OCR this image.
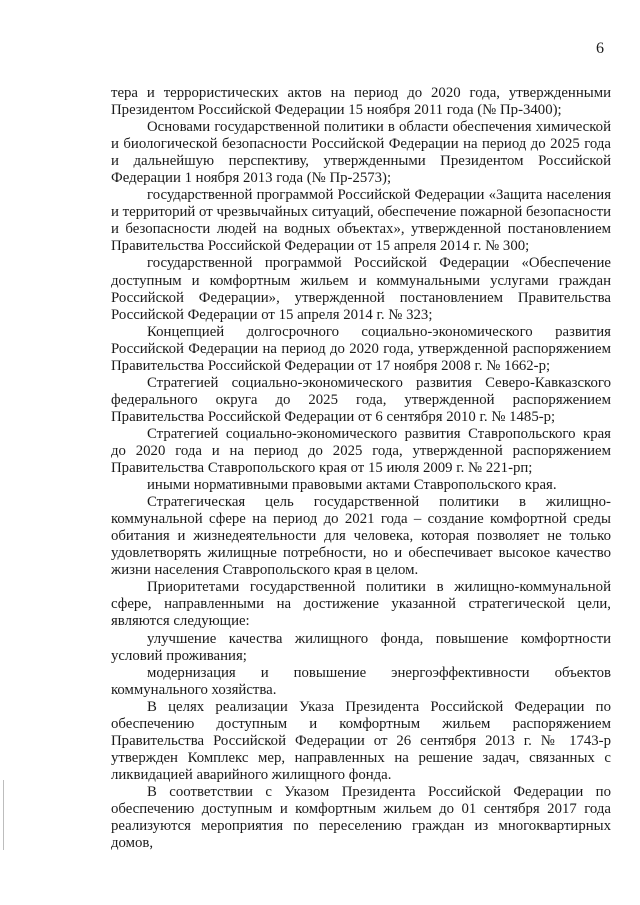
6

тера и террористических актов на период до 2020 года, утвержденными Президентом Российской Федерации 15 ноября 2011 года (№ Пр-3400);

Основами государственной политики в области обеспечения химической и биологической безопасности Российской Федерации на период до 2025 года и дальнейшую перспективу, утвержденными Президентом Российской Федерации 1 ноября 2013 года (№ Пр-2573);

государственной программой Российской Федерации «Защита населения и территорий от чрезвычайных ситуаций, обеспечение пожарной безопасности и безопасности людей на водных объектах», утвержденной постановлением Правительства Российской Федерации от 15 апреля 2014 г. № 300;

государственной программой Российской Федерации «Обеспечение доступным и комфортным жильем и коммунальными услугами граждан Российской Федерации», утвержденной постановлением Правительства Российской Федерации от 15 апреля 2014 г. № 323;

Концепцией долгосрочного социально-экономического развития Российской Федерации на период до 2020 года, утвержденной распоряжением Правительства Российской Федерации от 17 ноября 2008 г. № 1662-р;

Стратегией социально-экономического развития Северо-Кавказского федерального округа до 2025 года, утвержденной распоряжением Правительства Российской Федерации от 6 сентября 2010 г. № 1485-р;

Стратегией социально-экономического развития Ставропольского края до 2020 года и на период до 2025 года, утвержденной распоряжением Правительства Ставропольского края от 15 июля 2009 г. № 221-рп;

иными нормативными правовыми актами Ставропольского края.

Стратегическая цель государственной политики в жилищно-коммунальной сфере на период до 2021 года – создание комфортной среды обитания и жизнедеятельности для человека, которая позволяет не только удовлетворять жилищные потребности, но и обеспечивает высокое качество жизни населения Ставропольского края в целом.

Приоритетами государственной политики в жилищно-коммунальной сфере, направленными на достижение указанной стратегической цели, являются следующие:

улучшение качества жилищного фонда, повышение комфортности условий проживания;

модернизация и повышение энергоэффективности объектов коммунального хозяйства.

В целях реализации Указа Президента Российской Федерации по обеспечению доступным и комфортным жильем распоряжением Правительства Российской Федерации от 26 сентября 2013 г. № 1743-р утвержден Комплекс мер, направленных на решение задач, связанных с ликвидацией аварийного жилищного фонда.

В соответствии с Указом Президента Российской Федерации по обеспечению доступным и комфортным жильем до 01 сентября 2017 года реализуются мероприятия по переселению граждан из многоквартирных домов,
